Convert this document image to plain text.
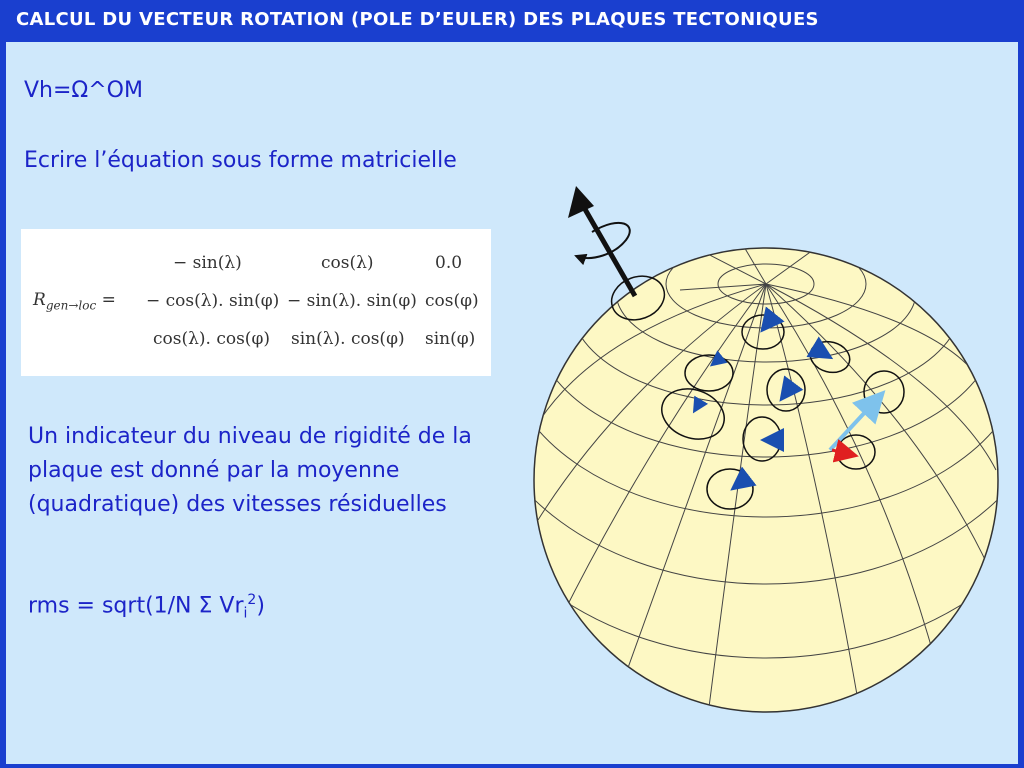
CALCUL DU VECTEUR ROTATION (POLE D’EULER) DES PLAQUES TECTONIQUES
Vh=Ω^OM
Ecrire l’équation sous forme matricielle
$R_{gen\to loc}$ =
− sin(λ)	cos(λ)	0.0
− cos(λ). sin(φ) − sin(λ). sin(φ) cos(φ)
cos(λ). cos(φ) sin(λ). cos(φ) sin(φ)
Un indicateur du niveau de rigidité de la plaque est donné par la moyenne (quadratique) des vitesses résiduelles
rms = sqrt(1/N Σ $Vr_i^2$)
